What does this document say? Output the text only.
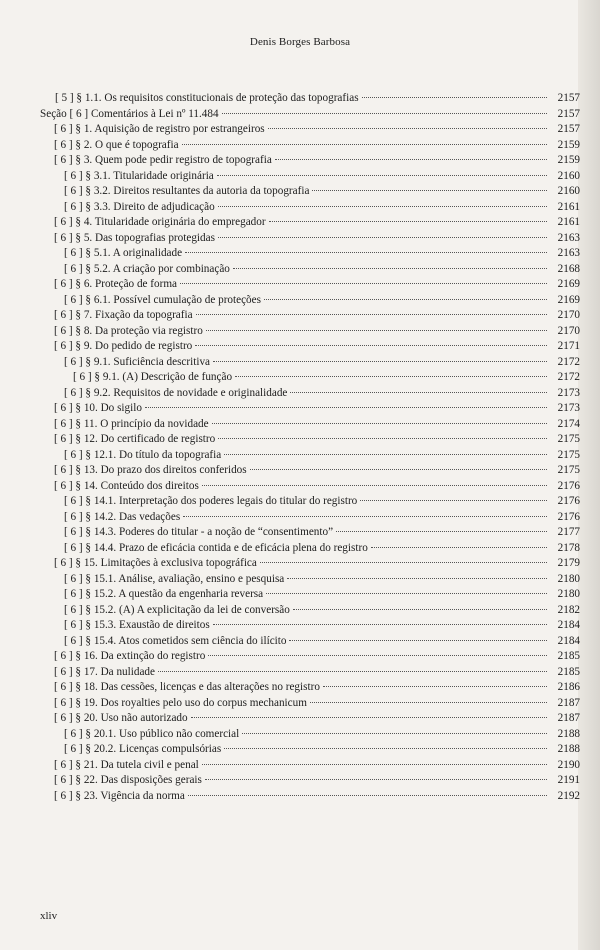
Denis Borges Barbosa
[ 5 ] § 1.1. Os requisitos constitucionais de proteção das topografias	2157
Seção [ 6 ] Comentários à Lei nº 11.484	2157
[ 6 ] § 1. Aquisição de registro por estrangeiros	2157
[ 6 ] § 2. O que é topografia	2159
[ 6 ] § 3. Quem pode pedir registro de topografia	2159
[ 6 ] § 3.1. Titularidade originária	2160
[ 6 ] § 3.2. Direitos resultantes da autoria da topografia	2160
[ 6 ] § 3.3. Direito de adjudicação	2161
[ 6 ] § 4. Titularidade originária do empregador	2161
[ 6 ] § 5. Das topografias protegidas	2163
[ 6 ] § 5.1. A originalidade	2163
[ 6 ] § 5.2. A criação por combinação	2168
[ 6 ] § 6. Proteção de forma	2169
[ 6 ] § 6.1. Possível cumulação de proteções	2169
[ 6 ] § 7. Fixação da topografia	2170
[ 6 ] § 8. Da proteção via registro	2170
[ 6 ] § 9. Do pedido de registro	2171
[ 6 ] § 9.1. Suficiência descritiva	2172
[ 6 ] § 9.1. (A) Descrição de função	2172
[ 6 ] § 9.2. Requisitos de novidade e originalidade	2173
[ 6 ] § 10. Do sigilo	2173
[ 6 ] § 11. O princípio da novidade	2174
[ 6 ] § 12. Do certificado de registro	2175
[ 6 ] § 12.1. Do título da topografia	2175
[ 6 ] § 13. Do prazo dos direitos conferidos	2175
[ 6 ] § 14. Conteúdo dos direitos	2176
[ 6 ] § 14.1. Interpretação dos poderes legais do titular do registro	2176
[ 6 ] § 14.2. Das vedações	2176
[ 6 ] § 14.3. Poderes do titular - a noção de “consentimento”	2177
[ 6 ] § 14.4. Prazo de eficácia contida e de eficácia plena do registro	2178
[ 6 ] § 15. Limitações à exclusiva topográfica	2179
[ 6 ] § 15.1. Análise, avaliação, ensino e pesquisa	2180
[ 6 ] § 15.2. A questão da engenharia reversa	2180
[ 6 ] § 15.2. (A) A explicitação da lei de conversão	2182
[ 6 ] § 15.3. Exaustão de direitos	2184
[ 6 ] § 15.4. Atos cometidos sem ciência do ilícito	2184
[ 6 ] § 16. Da extinção do registro	2185
[ 6 ] § 17. Da nulidade	2185
[ 6 ] § 18. Das cessões, licenças e das alterações no registro	2186
[ 6 ] § 19. Dos royalties pelo uso do corpus mechanicum	2187
[ 6 ] § 20. Uso não autorizado	2187
[ 6 ] § 20.1. Uso público não comercial	2188
[ 6 ] § 20.2. Licenças compulsórias	2188
[ 6 ] § 21. Da tutela civil e penal	2190
[ 6 ] § 22. Das disposições gerais	2191
[ 6 ] § 23. Vigência da norma	2192
xliv
